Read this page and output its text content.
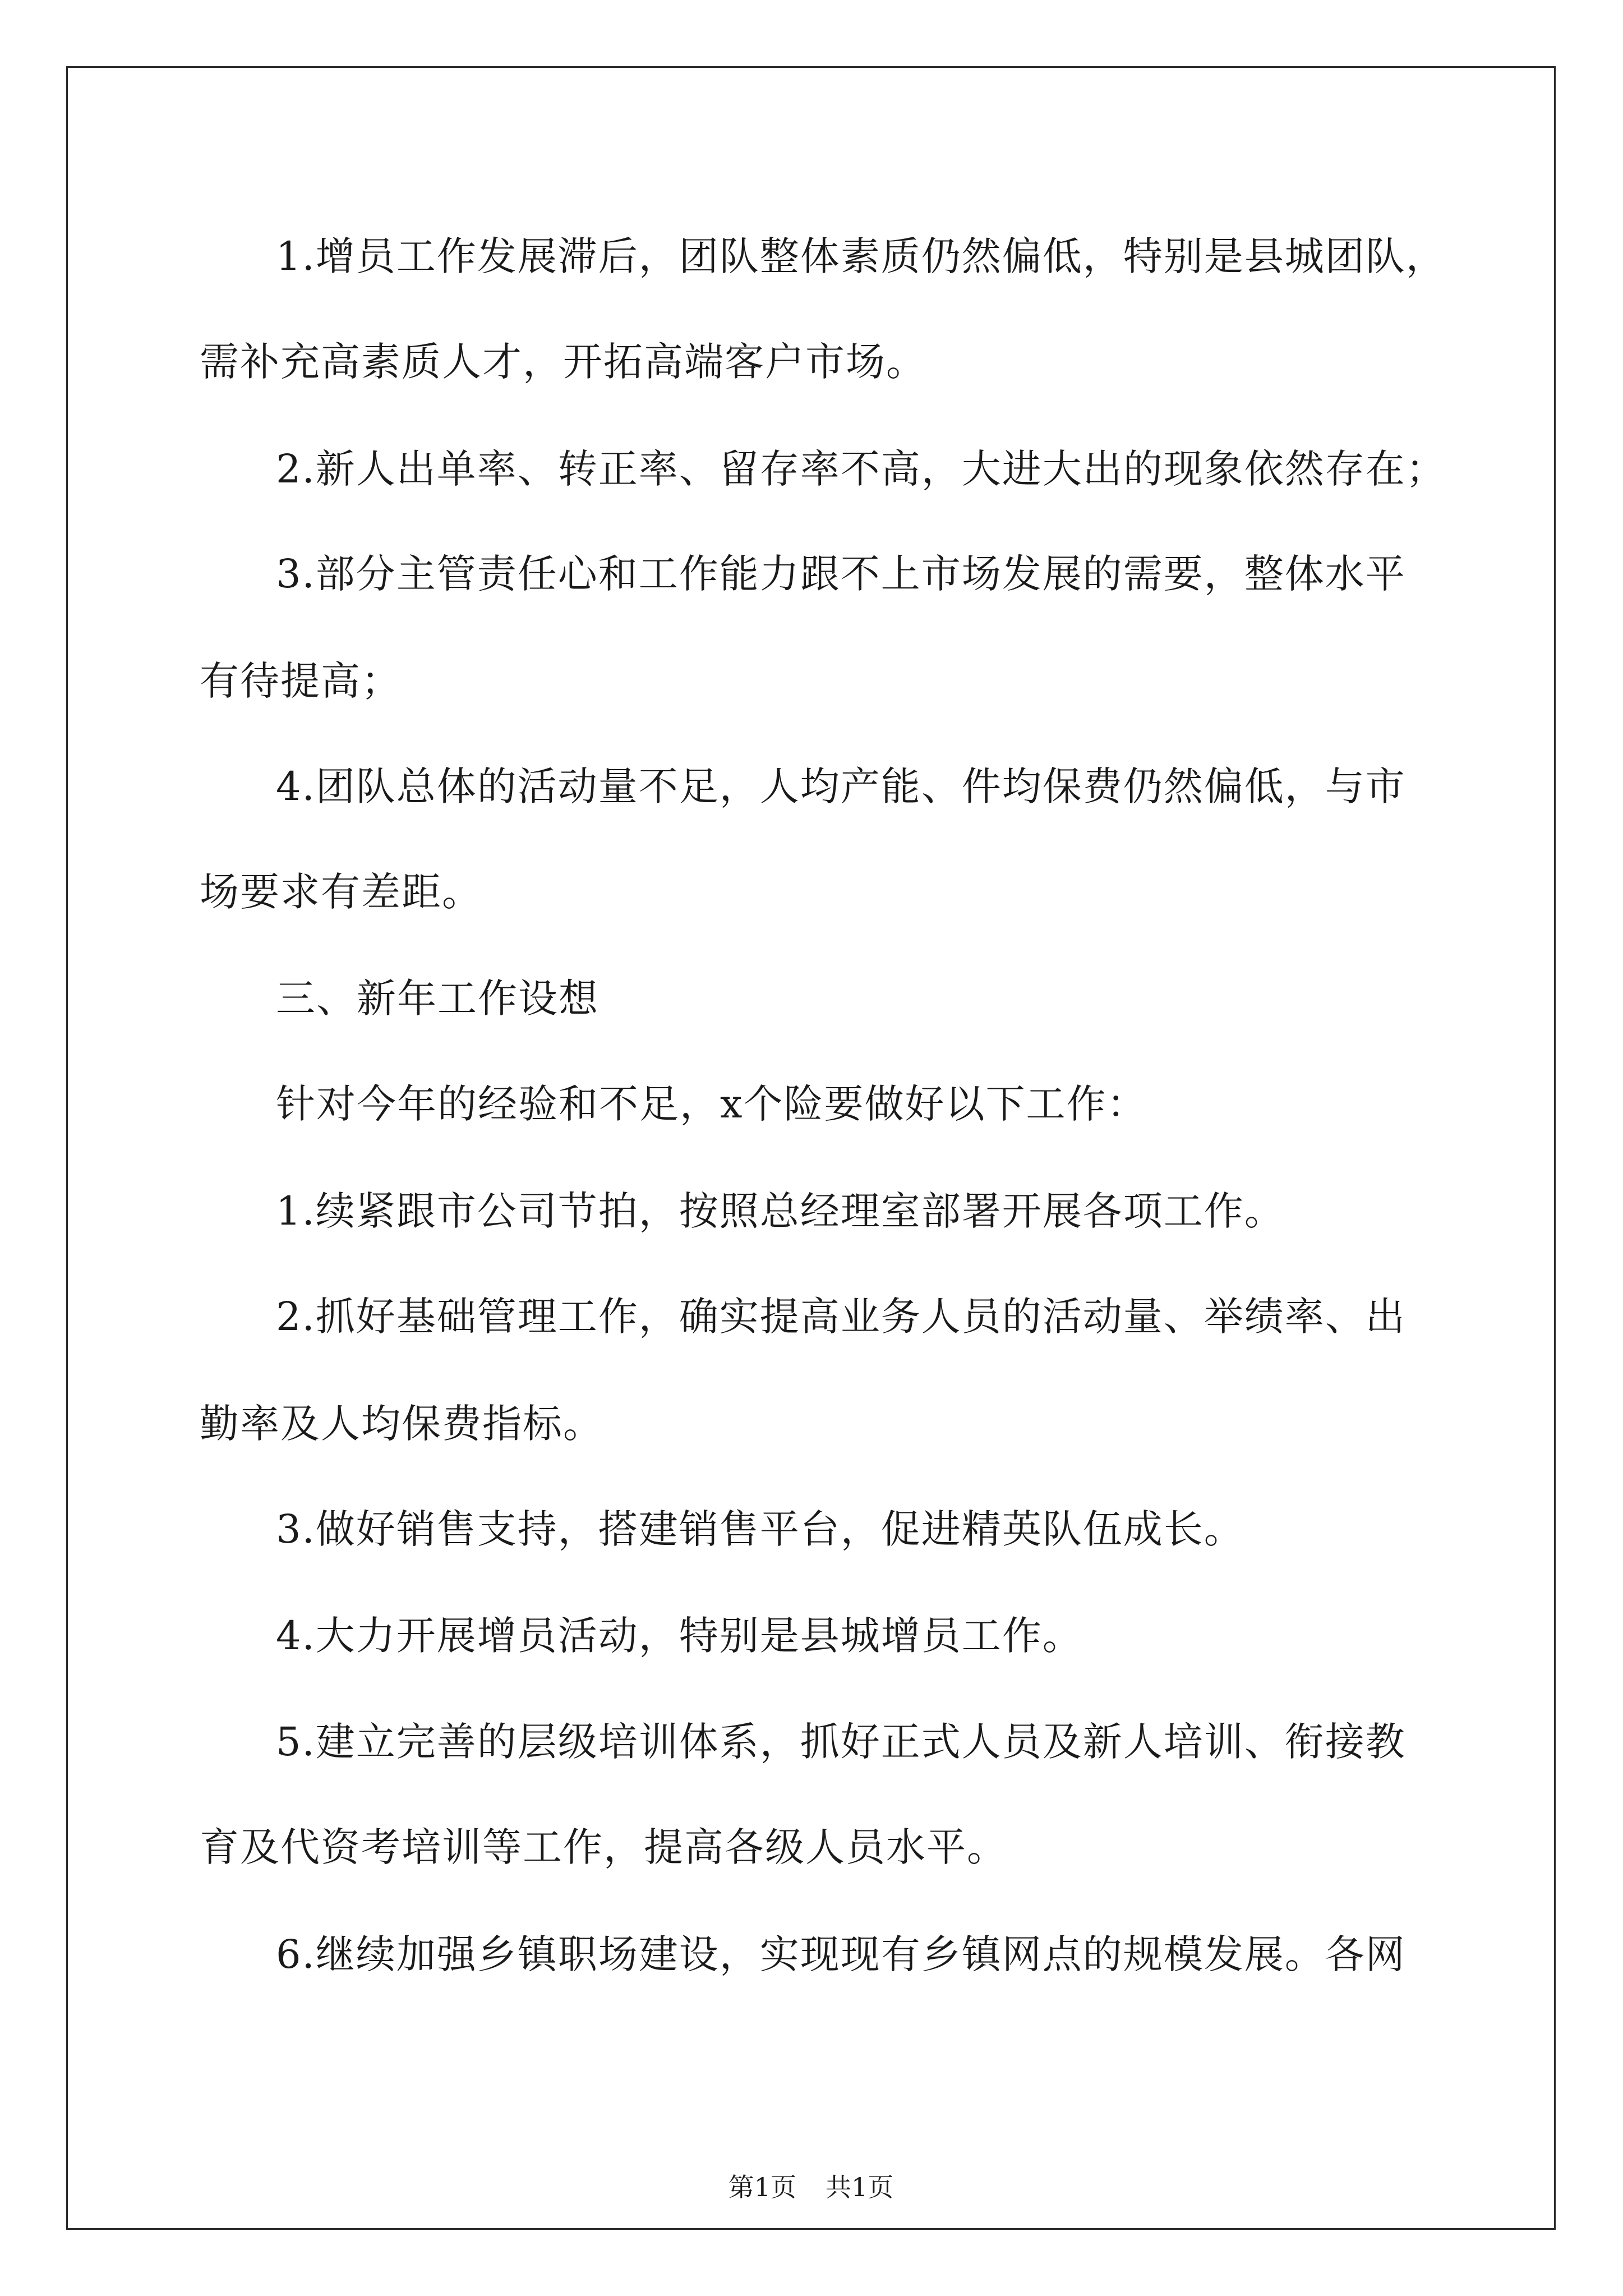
1.增员工作发展滞后，团队整体素质仍然偏低，特别是县城团队，
需补充高素质人才，开拓高端客户市场。
2.新人出单率、转正率、留存率不高，大进大出的现象依然存在；
3.部分主管责任心和工作能力跟不上市场发展的需要，整体水平
有待提高；
4.团队总体的活动量不足，人均产能、件均保费仍然偏低，与市
场要求有差距。
三、新年工作设想
针对今年的经验和不足，x个险要做好以下工作：
1.续紧跟市公司节拍，按照总经理室部署开展各项工作。
2.抓好基础管理工作，确实提高业务人员的活动量、举绩率、出
勤率及人均保费指标。
3.做好销售支持，搭建销售平台，促进精英队伍成长。
4.大力开展增员活动，特别是县城增员工作。
5.建立完善的层级培训体系，抓好正式人员及新人培训、衔接教
育及代资考培训等工作，提高各级人员水平。
6.继续加强乡镇职场建设，实现现有乡镇网点的规模发展。各网
第1页 共1页
